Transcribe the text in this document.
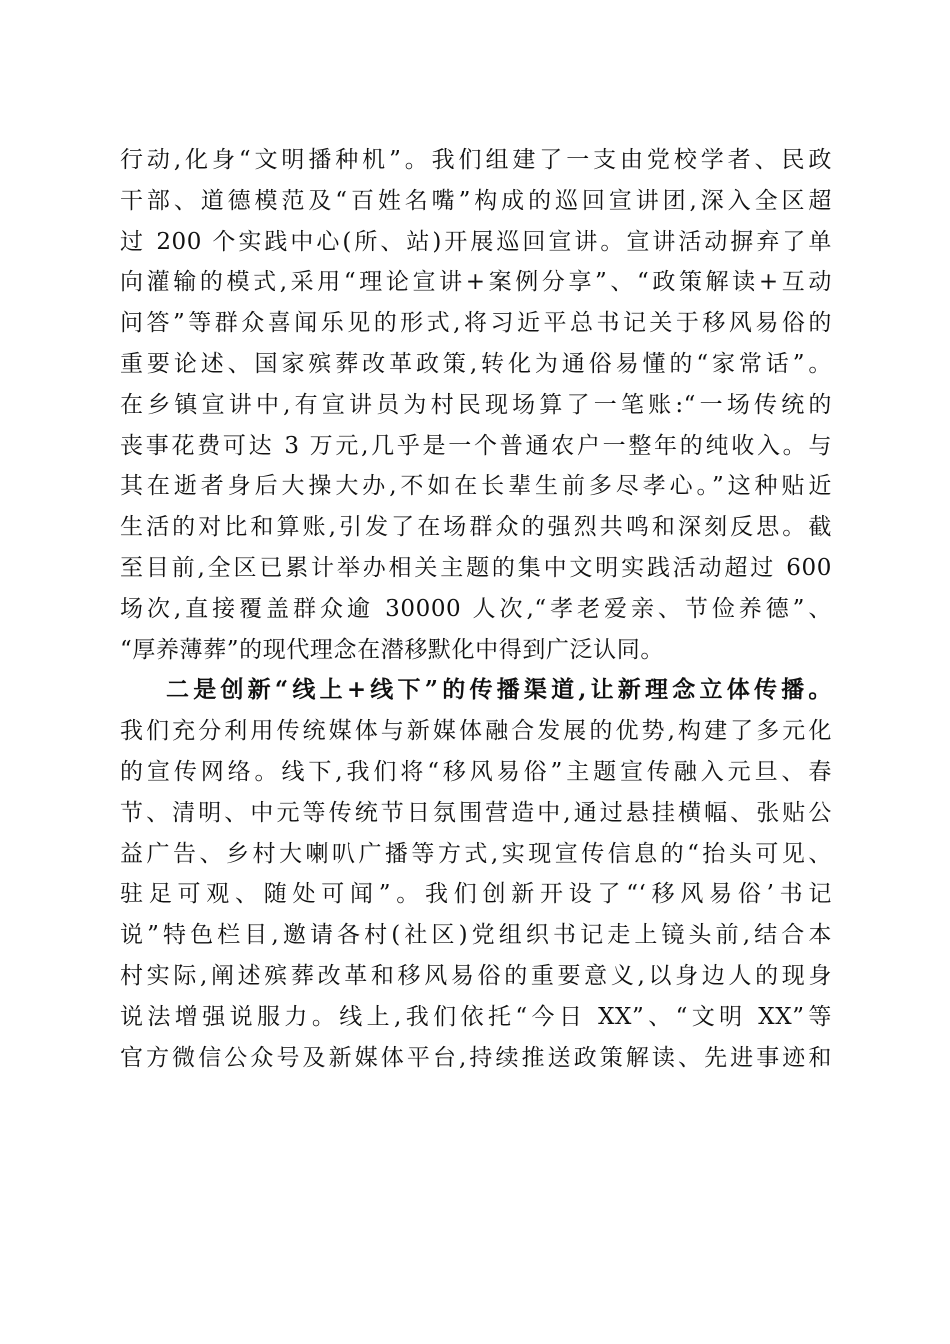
行动,化身“文明播种机”。我们组建了一支由党校学者、民政
干部、道德模范及“百姓名嘴”构成的巡回宣讲团,深入全区超
过 200 个实践中心(所、站)开展巡回宣讲。宣讲活动摒弃了单
向灌输的模式,采用“理论宣讲+案例分享”、“政策解读+互动
问答”等群众喜闻乐见的形式,将习近平总书记关于移风易俗的
重要论述、国家殡葬改革政策,转化为通俗易懂的“家常话”。
在乡镇宣讲中,有宣讲员为村民现场算了一笔账:“一场传统的
丧事花费可达 3 万元,几乎是一个普通农户一整年的纯收入。与
其在逝者身后大操大办,不如在长辈生前多尽孝心。”这种贴近
生活的对比和算账,引发了在场群众的强烈共鸣和深刻反思。截
至目前,全区已累计举办相关主题的集中文明实践活动超过 600
场次,直接覆盖群众逾 30000 人次,“孝老爱亲、节俭养德”、
“厚养薄葬”的现代理念在潜移默化中得到广泛认同。
二是创新“线上+线下”的传播渠道,让新理念立体传播。
我们充分利用传统媒体与新媒体融合发展的优势,构建了多元化
的宣传网络。线下,我们将“移风易俗”主题宣传融入元旦、春
节、清明、中元等传统节日氛围营造中,通过悬挂横幅、张贴公
益广告、乡村大喇叭广播等方式,实现宣传信息的“抬头可见、
驻足可观、随处可闻”。我们创新开设了“‘移风易俗’书记
说”特色栏目,邀请各村(社区)党组织书记走上镜头前,结合本
村实际,阐述殡葬改革和移风易俗的重要意义,以身边人的现身
说法增强说服力。线上,我们依托“今日 XX”、“文明 XX”等
官方微信公众号及新媒体平台,持续推送政策解读、先进事迹和
